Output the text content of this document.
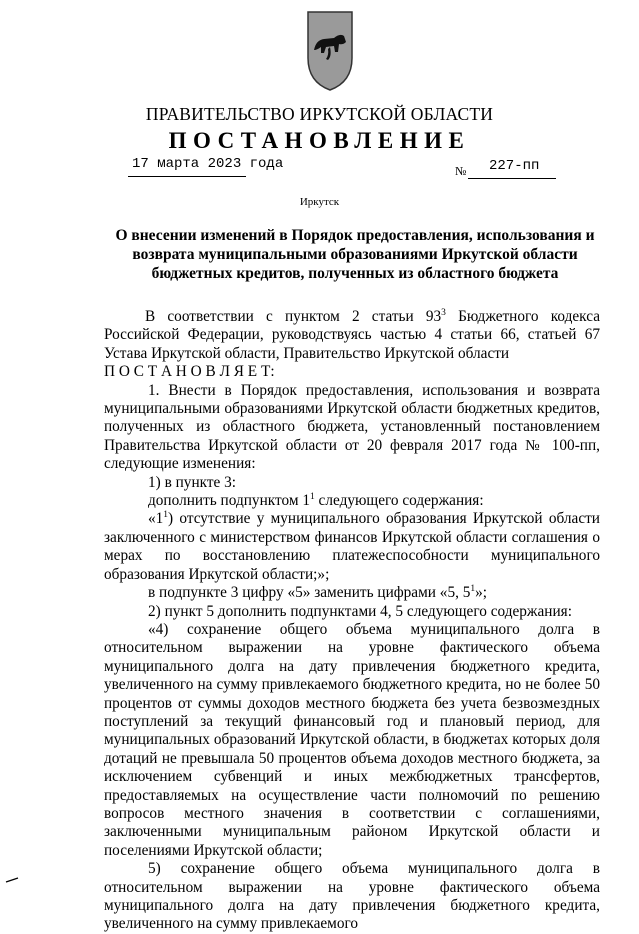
ПРАВИТЕЛЬСТВО ИРКУТСКОЙ ОБЛАСТИ
ПОСТАНОВЛЕНИЕ
17 марта 2023 года	№ 227-пп
Иркутск
О внесении изменений в Порядок предоставления, использования и возврата муниципальными образованиями Иркутской области бюджетных кредитов, полученных из областного бюджета

В соответствии с пунктом 2 статьи $93^3$ Бюджетного кодекса Российской Федерации, руководствуясь частью 4 статьи 66, статьей 67 Устава Иркутской области, Правительство Иркутской области

П О С Т А Н О В Л Я Е Т:

1. Внести в Порядок предоставления, использования и возврата муниципальными образованиями Иркутской области бюджетных кредитов, полученных из областного бюджета, установленный постановлением Правительства Иркутской области от 20 февраля 2017 года № 100-пп, следующие изменения:

1) в пункте 3:

дополнить подпунктом $1^1$ следующего содержания:

«$1^1$) отсутствие у муниципального образования Иркутской области заключенного с министерством финансов Иркутской области соглашения о мерах по восстановлению платежеспособности муниципального образования Иркутской области;»;

в подпункте 3 цифру «5» заменить цифрами «5, $5^1$»;

2) пункт 5 дополнить подпунктами 4, 5 следующего содержания:

«4) сохранение общего объема муниципального долга в относительном выражении на уровне фактического объема муниципального долга на дату привлечения бюджетного кредита, увеличенного на сумму привлекаемого бюджетного кредита, но не более 50 процентов от суммы доходов местного бюджета без учета безвозмездных поступлений за текущий финансовый год и плановый период, для муниципальных образований Иркутской области, в бюджетах которых доля дотаций не превышала 50 процентов объема доходов местного бюджета, за исключением субвенций и иных межбюджетных трансфертов, предоставляемых на осуществление части полномочий по решению вопросов местного значения в соответствии с соглашениями, заключенными муниципальным районом Иркутской области и поселениями Иркутской области;

5) сохранение общего объема муниципального долга в относительном выражении на уровне фактического объема муниципального долга на дату привлечения бюджетного кредита, увеличенного на сумму привлекаемого
